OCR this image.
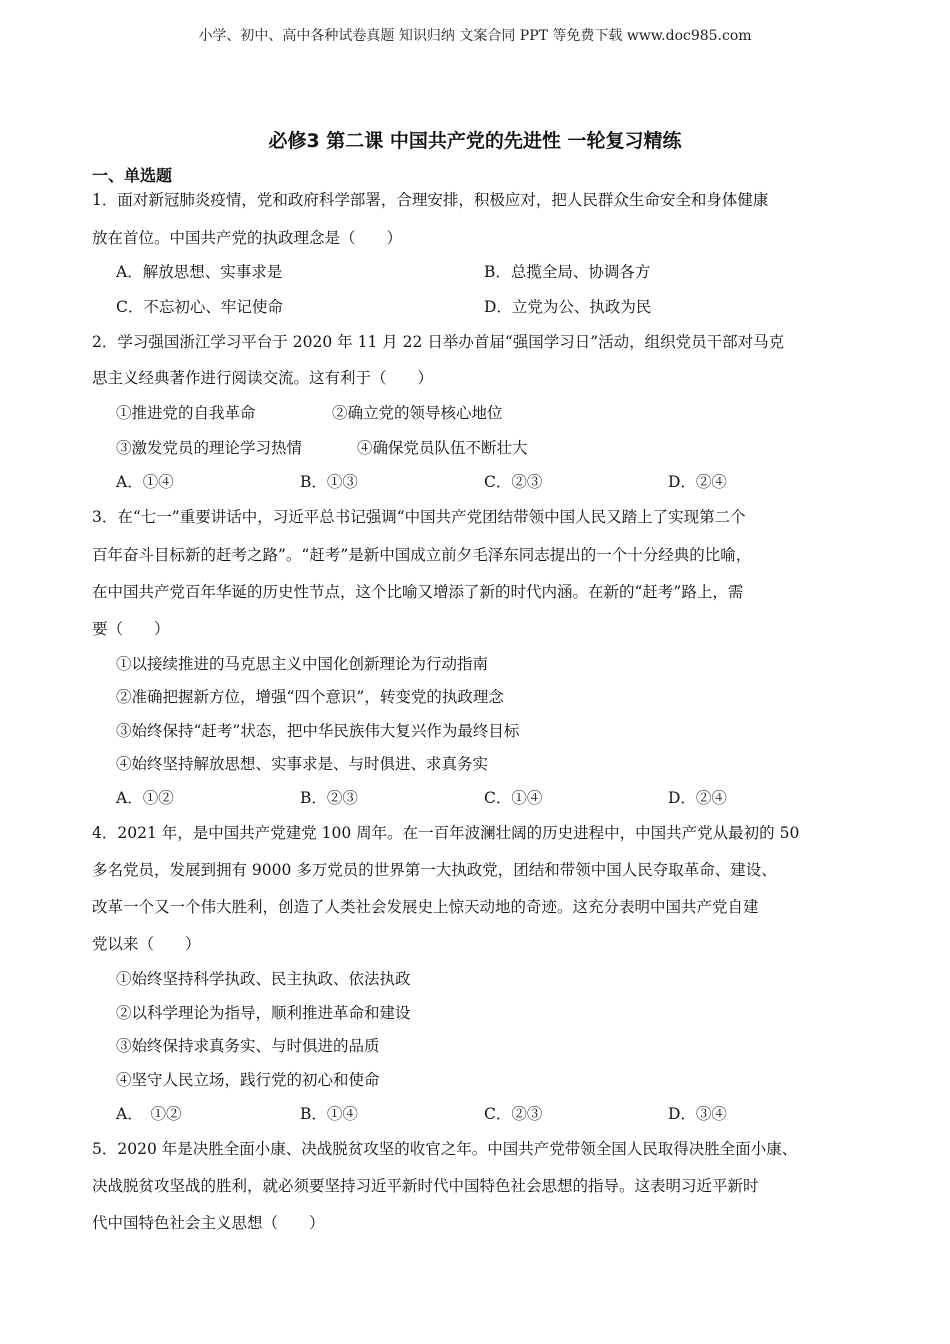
小学、初中、高中各种试卷真题 知识归纳 文案合同 PPT 等免费下载 www.doc985.com
必修3 第二课 中国共产党的先进性 一轮复习精练
一、单选题
1．面对新冠肺炎疫情，党和政府科学部署，合理安排，积极应对，把人民群众生命安全和身体健康
放在首位。中国共产党的执政理念是（　　）
A．解放思想、实事求是	B．总揽全局、协调各方
C．不忘初心、牢记使命	D．立党为公、执政为民
2．学习强国浙江学习平台于 2020 年 11 月 22 日举办首届“强国学习日”活动，组织党员干部对马克
思主义经典著作进行阅读交流。这有利于（　　）
①推进党的自我革命	②确立党的领导核心地位
③激发党员的理论学习热情	④确保党员队伍不断壮大
A．①④	B．①③	C．②③	D．②④
3．在“七一”重要讲话中，习近平总书记强调“中国共产党团结带领中国人民又踏上了实现第二个
百年奋斗目标新的赶考之路”。“赶考”是新中国成立前夕毛泽东同志提出的一个十分经典的比喻，
在中国共产党百年华诞的历史性节点，这个比喻又增添了新的时代内涵。在新的“赶考”路上，需
要（　　）
①以接续推进的马克思主义中国化创新理论为行动指南
②准确把握新方位，增强“四个意识”，转变党的执政理念
③始终保持“赶考”状态，把中华民族伟大复兴作为最终目标
④始终坚持解放思想、实事求是、与时俱进、求真务实
A．①②	B．②③	C．①④	D．②④
4．2021 年，是中国共产党建党 100 周年。在一百年波澜壮阔的历史进程中，中国共产党从最初的 50
多名党员，发展到拥有 9000 多万党员的世界第一大执政党，团结和带领中国人民夺取革命、建设、
改革一个又一个伟大胜利，创造了人类社会发展史上惊天动地的奇迹。这充分表明中国共产党自建
党以来（　　）
①始终坚持科学执政、民主执政、依法执政
②以科学理论为指导，顺利推进革命和建设
③始终保持求真务实、与时俱进的品质
④坚守人民立场，践行党的初心和使命
A．　①②	B．①④	C．②③	D．③④
5．2020 年是决胜全面小康、决战脱贫攻坚的收官之年。中国共产党带领全国人民取得决胜全面小康、
决战脱贫攻坚战的胜利，就必须要坚持习近平新时代中国特色社会思想的指导。这表明习近平新时
代中国特色社会主义思想（　　）
